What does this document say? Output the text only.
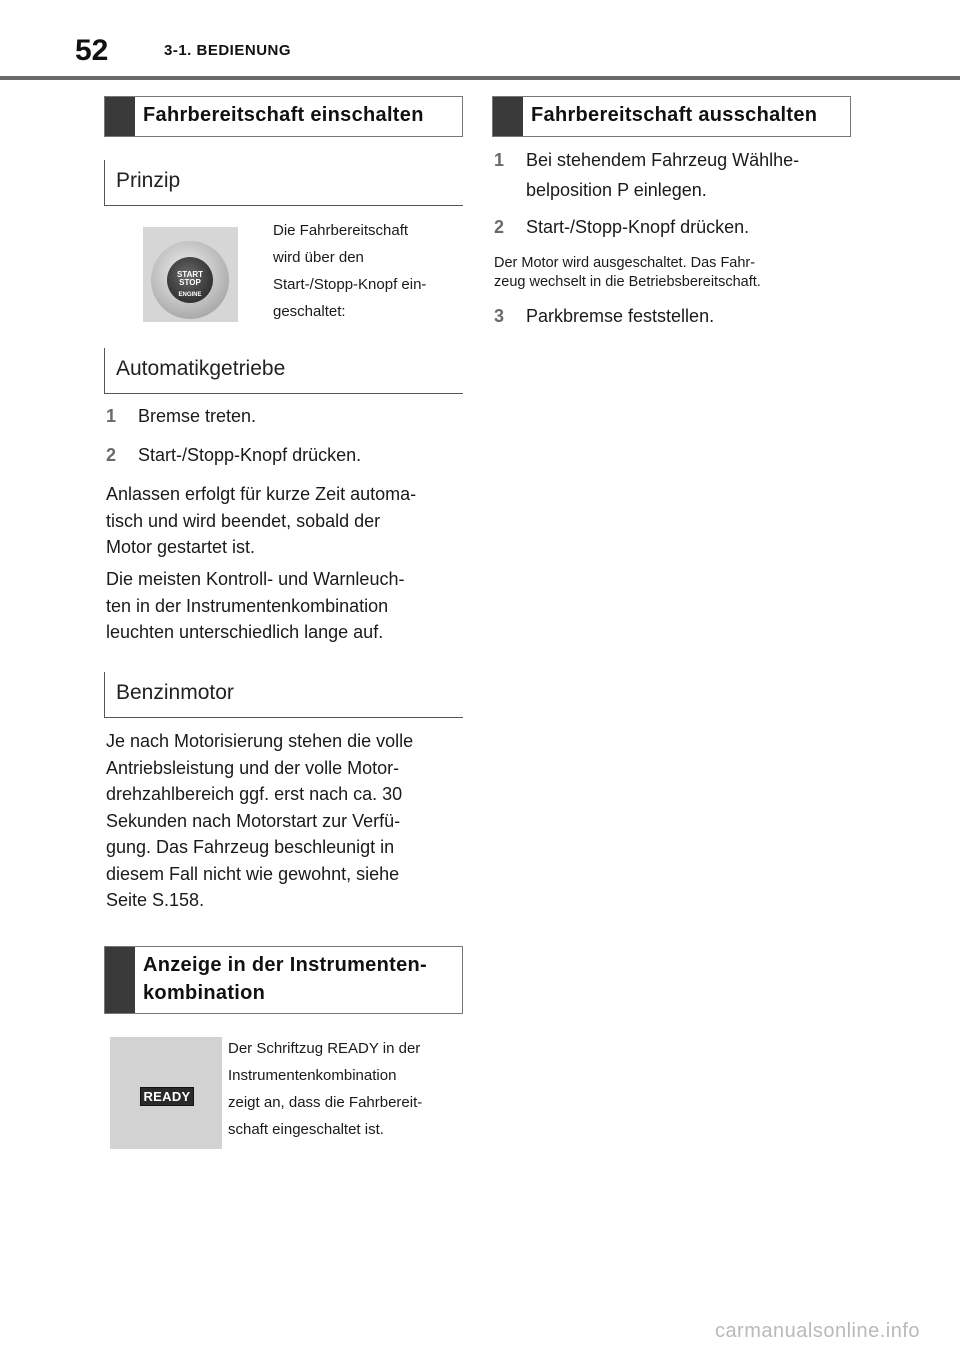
52	3-1. BEDIENUNG
Fahrbereitschaft einschalten
Prinzip
START
STOP
ENGINE
Die Fahrbereitschaft
wird über den
Start-/Stopp-Knopf ein-
geschaltet:
Automatikgetriebe
1 Bremse treten.
2 Start-/Stopp-Knopf drücken.
Anlassen erfolgt für kurze Zeit automa-
tisch und wird beendet, sobald der
Motor gestartet ist.
Die meisten Kontroll- und Warnleuch-
ten in der Instrumentenkombination
leuchten unterschiedlich lange auf.
Benzinmotor
Je nach Motorisierung stehen die volle
Antriebsleistung und der volle Motor-
drehzahlbereich ggf. erst nach ca. 30
Sekunden nach Motorstart zur Verfü-
gung. Das Fahrzeug beschleunigt in
diesem Fall nicht wie gewohnt, siehe
Seite S.158.
Anzeige in der Instrumenten-
kombination
READY
Der Schriftzug READY in der
Instrumentenkombination
zeigt an, dass die Fahrbereit-
schaft eingeschaltet ist.
Fahrbereitschaft ausschalten
1 Bei stehendem Fahrzeug Wählhe-
belposition P einlegen.
2 Start-/Stopp-Knopf drücken.
Der Motor wird ausgeschaltet. Das Fahr-
zeug wechselt in die Betriebsbereitschaft.
3 Parkbremse feststellen.
carmanualsonline.info
